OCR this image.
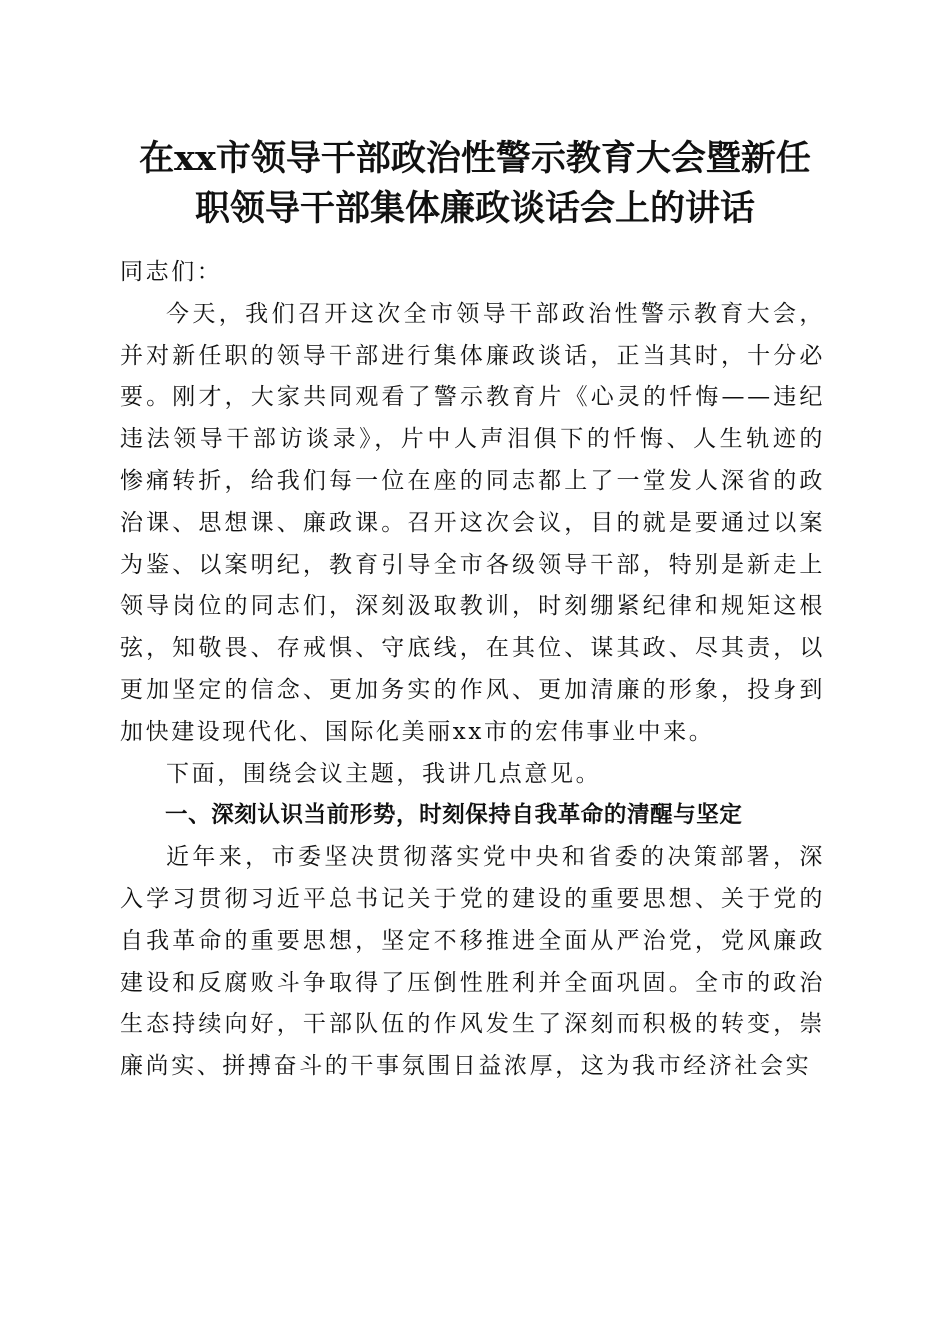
在xx市领导干部政治性警示教育大会暨新任
职领导干部集体廉政谈话会上的讲话

同志们：

今天，我们召开这次全市领导干部政治性警示教育大会，并对新任职的领导干部进行集体廉政谈话，正当其时，十分必要。刚才，大家共同观看了警示教育片《心灵的忏悔——违纪违法领导干部访谈录》，片中人声泪俱下的忏悔、人生轨迹的惨痛转折，给我们每一位在座的同志都上了一堂发人深省的政治课、思想课、廉政课。召开这次会议，目的就是要通过以案为鉴、以案明纪，教育引导全市各级领导干部，特别是新走上领导岗位的同志们，深刻汲取教训，时刻绷紧纪律和规矩这根弦，知敬畏、存戒惧、守底线，在其位、谋其政、尽其责，以更加坚定的信念、更加务实的作风、更加清廉的形象，投身到加快建设现代化、国际化美丽xx市的宏伟事业中来。

下面，围绕会议主题，我讲几点意见。

一、深刻认识当前形势，时刻保持自我革命的清醒与坚定

近年来，市委坚决贯彻落实党中央和省委的决策部署，深入学习贯彻习近平总书记关于党的建设的重要思想、关于党的自我革命的重要思想，坚定不移推进全面从严治党，党风廉政建设和反腐败斗争取得了压倒性胜利并全面巩固。全市的政治生态持续向好，干部队伍的作风发生了深刻而积极的转变，崇廉尚实、拼搏奋斗的干事氛围日益浓厚，这为我市经济社会实
